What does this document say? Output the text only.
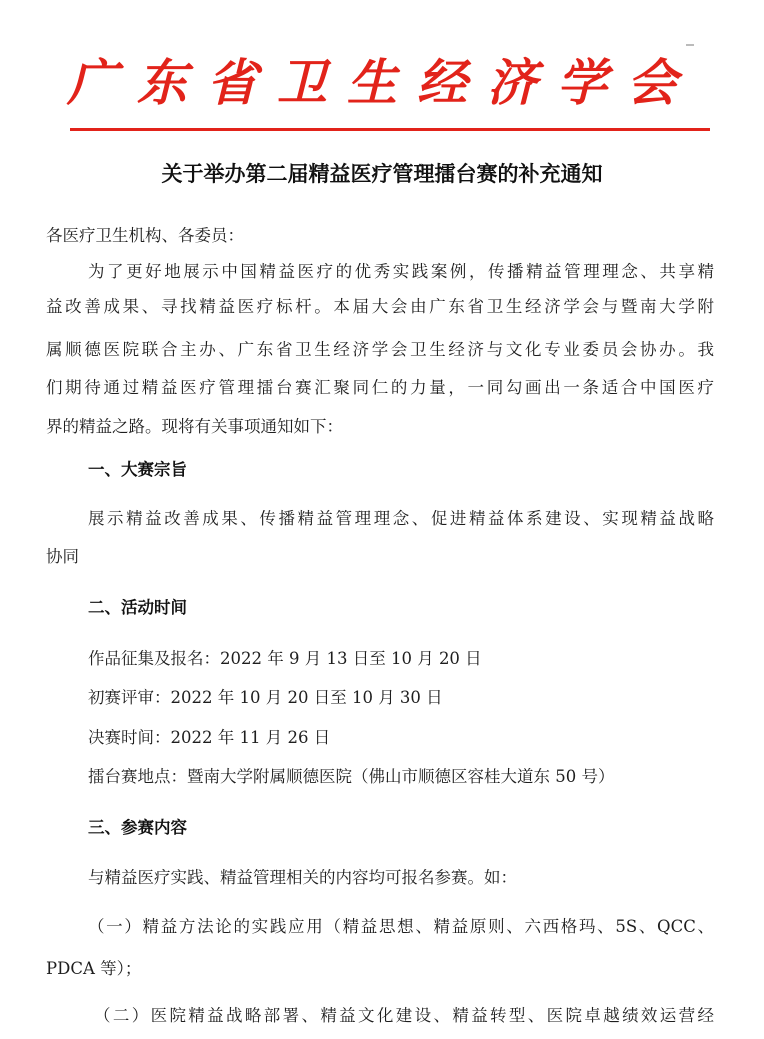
广东省卫生经济学会
关于举办第二届精益医疗管理擂台赛的补充通知
各医疗卫生机构、各委员：
为了更好地展示中国精益医疗的优秀实践案例，传播精益管理理念、共享精
益改善成果、寻找精益医疗标杆。本届大会由广东省卫生经济学会与暨南大学附
属顺德医院联合主办、广东省卫生经济学会卫生经济与文化专业委员会协办。我
们期待通过精益医疗管理擂台赛汇聚同仁的力量，一同勾画出一条适合中国医疗
界的精益之路。现将有关事项通知如下：
一、大赛宗旨
展示精益改善成果、传播精益管理理念、促进精益体系建设、实现精益战略
协同
二、活动时间
作品征集及报名：2022 年 9 月 13 日至 10 月 20 日
初赛评审：2022 年 10 月 20 日至 10 月 30 日
决赛时间：2022 年 11 月 26 日
擂台赛地点：暨南大学附属顺德医院（佛山市顺德区容桂大道东 50 号）
三、参赛内容
与精益医疗实践、精益管理相关的内容均可报名参赛。如：
（一）精益方法论的实践应用（精益思想、精益原则、六西格玛、5S、QCC、
PDCA 等）；
（二）医院精益战略部署、精益文化建设、精益转型、医院卓越绩效运营经
